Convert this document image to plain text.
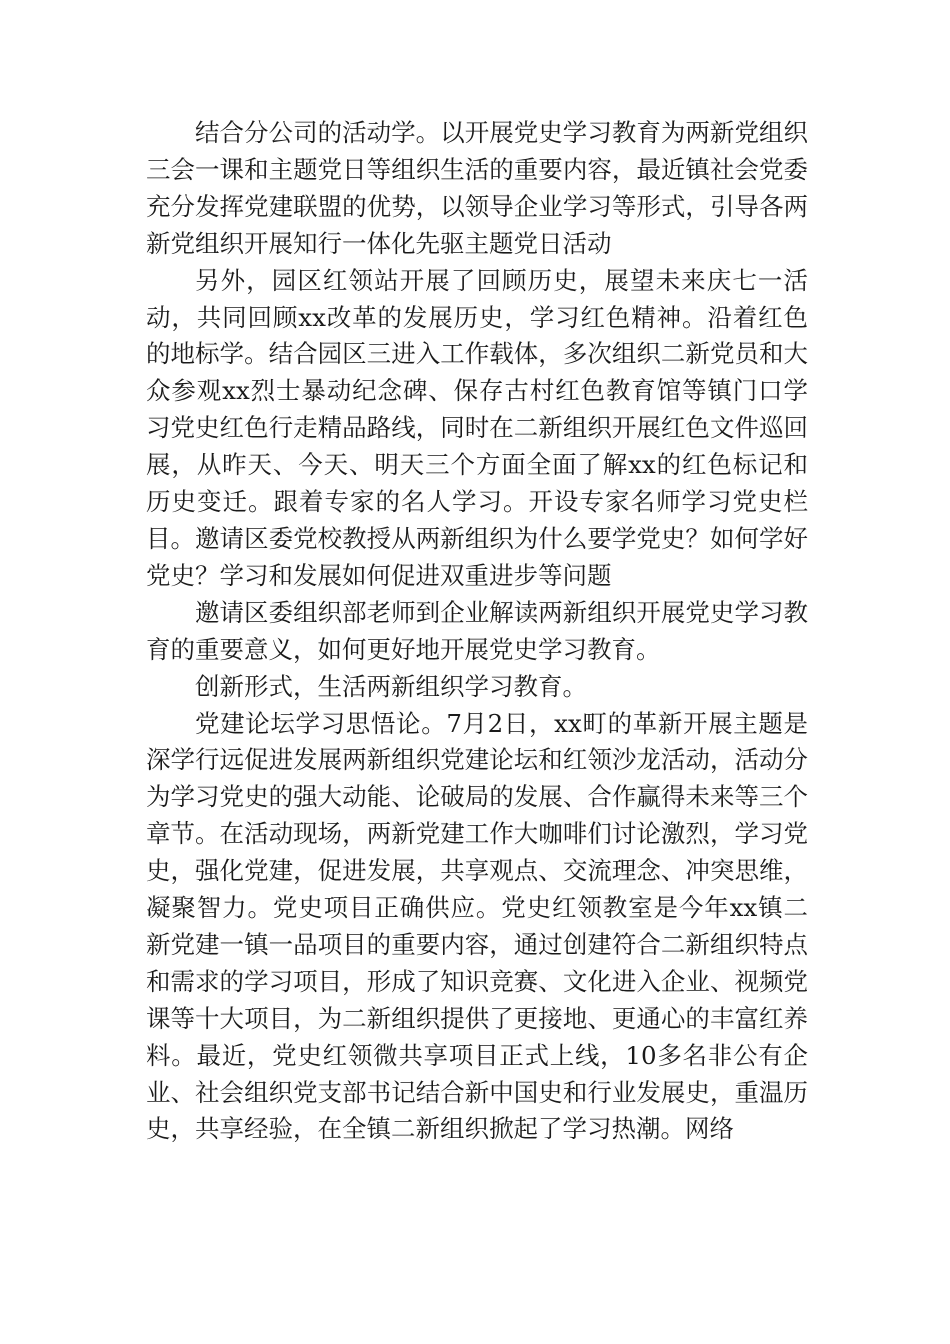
结合分公司的活动学。以开展党史学习教育为两新党组织三会一课和主题党日等组织生活的重要内容，最近镇社会党委充分发挥党建联盟的优势，以领导企业学习等形式，引导各两新党组织开展知行一体化先驱主题党日活动

另外，园区红领站开展了回顾历史，展望未来庆七一活动，共同回顾xx改革的发展历史，学习红色精神。沿着红色的地标学。结合园区三进入工作载体，多次组织二新党员和大众参观xx烈士暴动纪念碑、保存古村红色教育馆等镇门口学习党史红色行走精品路线，同时在二新组织开展红色文件巡回展，从昨天、今天、明天三个方面全面了解xx的红色标记和历史变迁。跟着专家的名人学习。开设专家名师学习党史栏目。邀请区委党校教授从两新组织为什么要学党史？如何学好党史？学习和发展如何促进双重进步等问题

邀请区委组织部老师到企业解读两新组织开展党史学习教育的重要意义，如何更好地开展党史学习教育。

创新形式，生活两新组织学习教育。

党建论坛学习思悟论。7月2日，xx町的革新开展主题是深学行远促进发展两新组织党建论坛和红领沙龙活动，活动分为学习党史的强大动能、论破局的发展、合作赢得未来等三个章节。在活动现场，两新党建工作大咖啡们讨论激烈，学习党史，强化党建，促进发展，共享观点、交流理念、冲突思维，凝聚智力。党史项目正确供应。党史红领教室是今年xx镇二新党建一镇一品项目的重要内容，通过创建符合二新组织特点和需求的学习项目，形成了知识竞赛、文化进入企业、视频党课等十大项目，为二新组织提供了更接地、更通心的丰富红养料。最近，党史红领微共享项目正式上线，10多名非公有企业、社会组织党支部书记结合新中国史和行业发展史，重温历史，共享经验，在全镇二新组织掀起了学习热潮。网络
